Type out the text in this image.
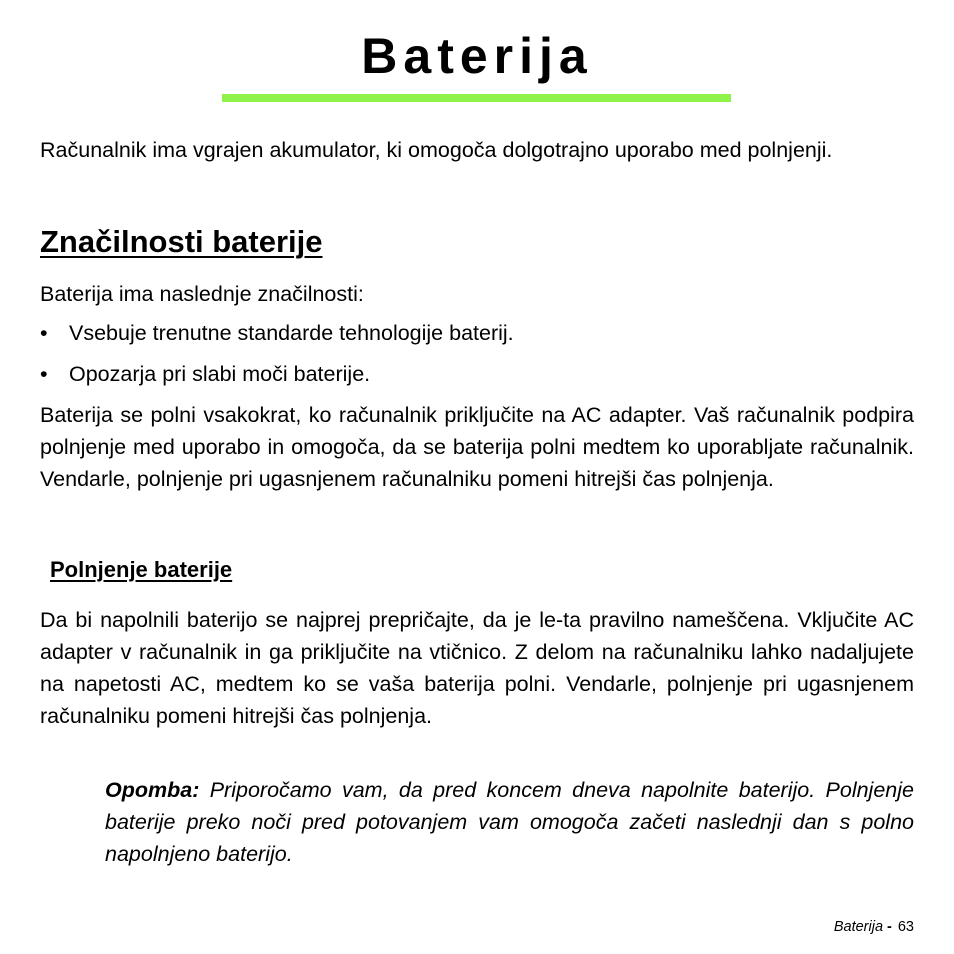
Baterija

Računalnik ima vgrajen akumulator, ki omogoča dolgotrajno uporabo med polnjenji.

Značilnosti baterije

Baterija ima naslednje značilnosti:

• Vsebuje trenutne standarde tehnologije baterij.
• Opozarja pri slabi moči baterije.

Baterija se polni vsakokrat, ko računalnik priključite na AC adapter. Vaš računalnik podpira polnjenje med uporabo in omogoča, da se baterija polni medtem ko uporabljate računalnik. Vendarle, polnjenje pri ugasnjenem računalniku pomeni hitrejši čas polnjenja.

Polnjenje baterije

Da bi napolnili baterijo se najprej prepričajte, da je le-ta pravilno nameščena. Vključite AC adapter v računalnik in ga priključite na vtičnico. Z delom na računalniku lahko nadaljujete na napetosti AC, medtem ko se vaša baterija polni. Vendarle, polnjenje pri ugasnjenem računalniku pomeni hitrejši čas polnjenja.

Opomba: Priporočamo vam, da pred koncem dneva napolnite baterijo. Polnjenje baterije preko noči pred potovanjem vam omogoča začeti naslednji dan s polno napolnjeno baterijo.

Baterija - 63
